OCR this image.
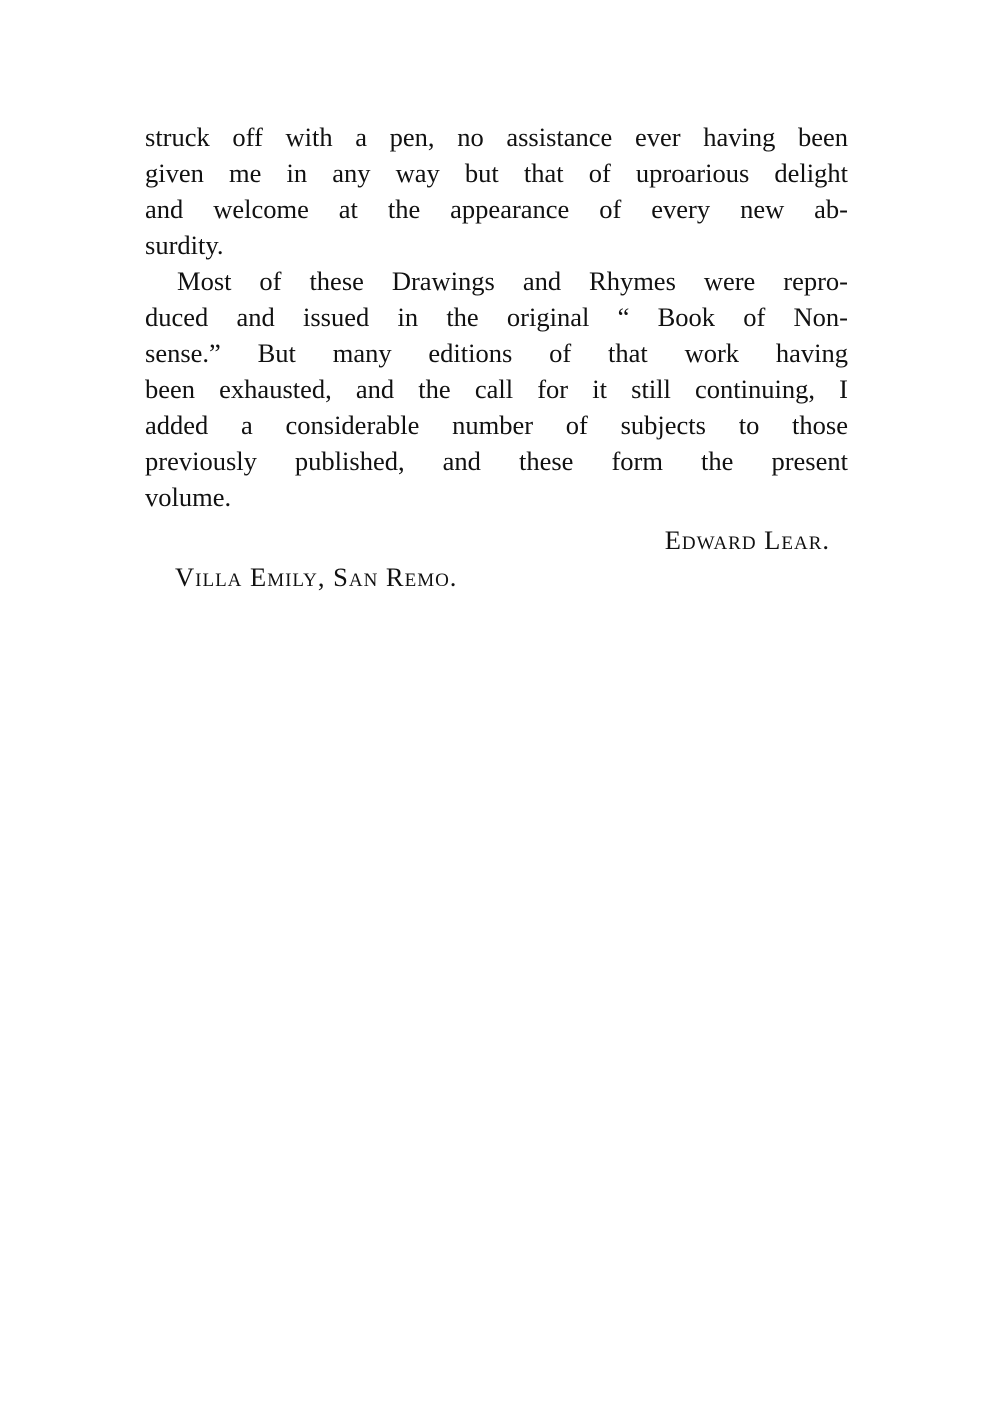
struck off with a pen, no assistance ever having been
given me in any way but that of uproarious delight
and welcome at the appearance of every new ab-
surdity.
Most of these Drawings and Rhymes were repro-
duced and issued in the original “ Book of Non-
sense.” But many editions of that work having
been exhausted, and the call for it still continuing, I
added a considerable number of subjects to those
previously published, and these form the present
volume.
Edward Lear.
Villa Emily, San Remo.
